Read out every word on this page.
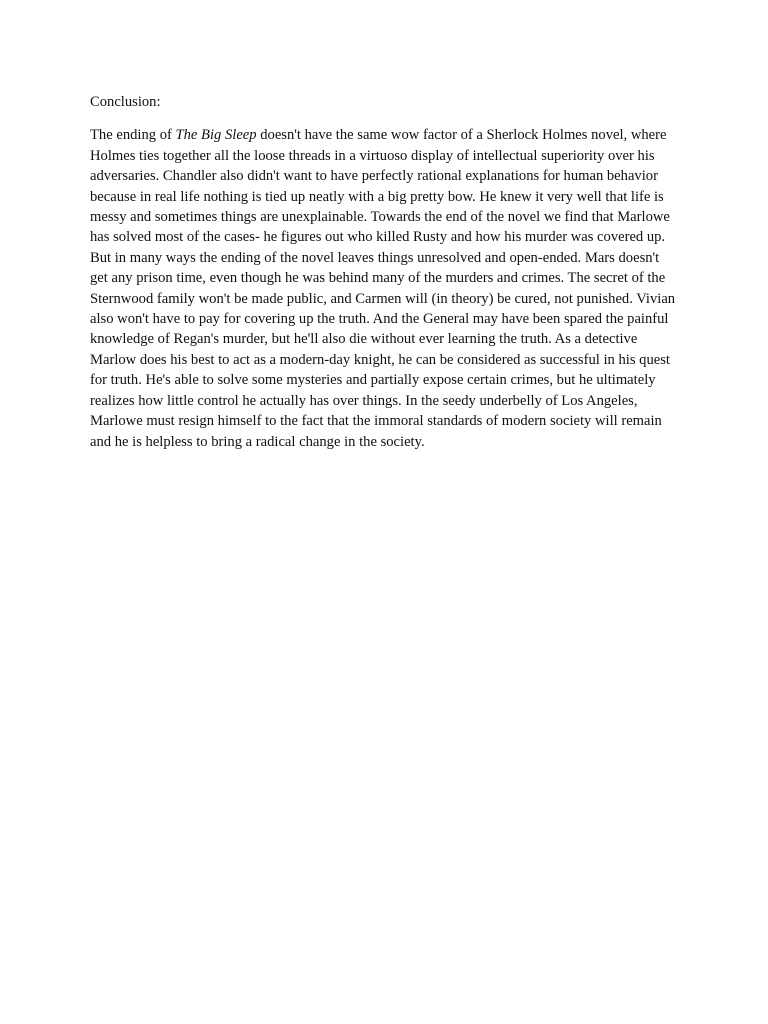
Conclusion:

The ending of The Big Sleep doesn't have the same wow factor of a Sherlock Holmes novel, where Holmes ties together all the loose threads in a virtuoso display of intellectual superiority over his adversaries. Chandler also didn't want to have perfectly rational explanations for human behavior because in real life nothing is tied up neatly with a big pretty bow. He knew it very well that life is messy and sometimes things are unexplainable. Towards the end of the novel we find that Marlowe has solved most of the cases- he figures out who killed Rusty and how his murder was covered up. But in many ways the ending of the novel leaves things unresolved and open-ended. Mars doesn't get any prison time, even though he was behind many of the murders and crimes. The secret of the Sternwood family won't be made public, and Carmen will (in theory) be cured, not punished. Vivian also won't have to pay for covering up the truth. And the General may have been spared the painful knowledge of Regan's murder, but he'll also die without ever learning the truth. As a detective Marlow does his best to act as a modern-day knight, he can be considered as successful in his quest for truth. He's able to solve some mysteries and partially expose certain crimes, but he ultimately realizes how little control he actually has over things. In the seedy underbelly of Los Angeles, Marlowe must resign himself to the fact that the immoral standards of modern society will remain and he is helpless to bring a radical change in the society.
